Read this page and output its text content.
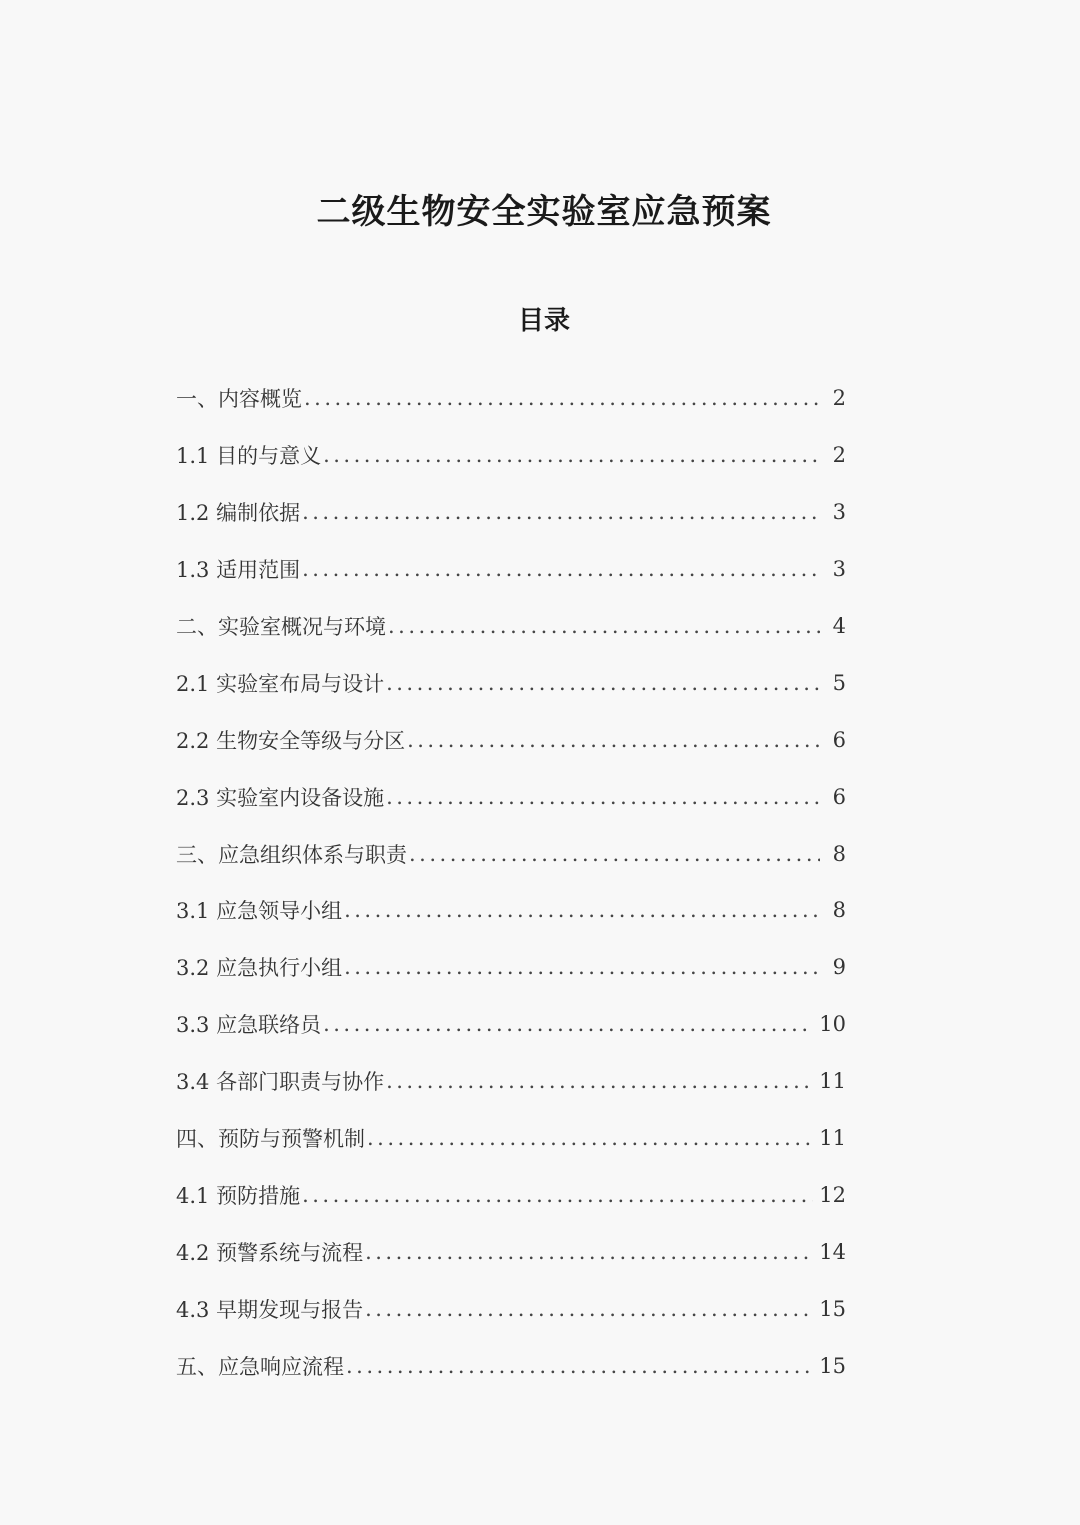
二级生物安全实验室应急预案
目录
一、内容概览 .....	2
1.1 目的与意义 .....	2
1.2 编制依据 .....	3
1.3 适用范围 .....	3
二、实验室概况与环境 .....	4
2.1 实验室布局与设计 .....	5
2.2 生物安全等级与分区 .....	6
2.3 实验室内设备设施 .....	6
三、应急组织体系与职责 .....	8
3.1 应急领导小组 .....	8
3.2 应急执行小组 .....	9
3.3 应急联络员 .....	10
3.4 各部门职责与协作 .....	11
四、预防与预警机制 .....	11
4.1 预防措施 .....	12
4.2 预警系统与流程 .....	14
4.3 早期发现与报告 .....	15
五、应急响应流程 .....	15
